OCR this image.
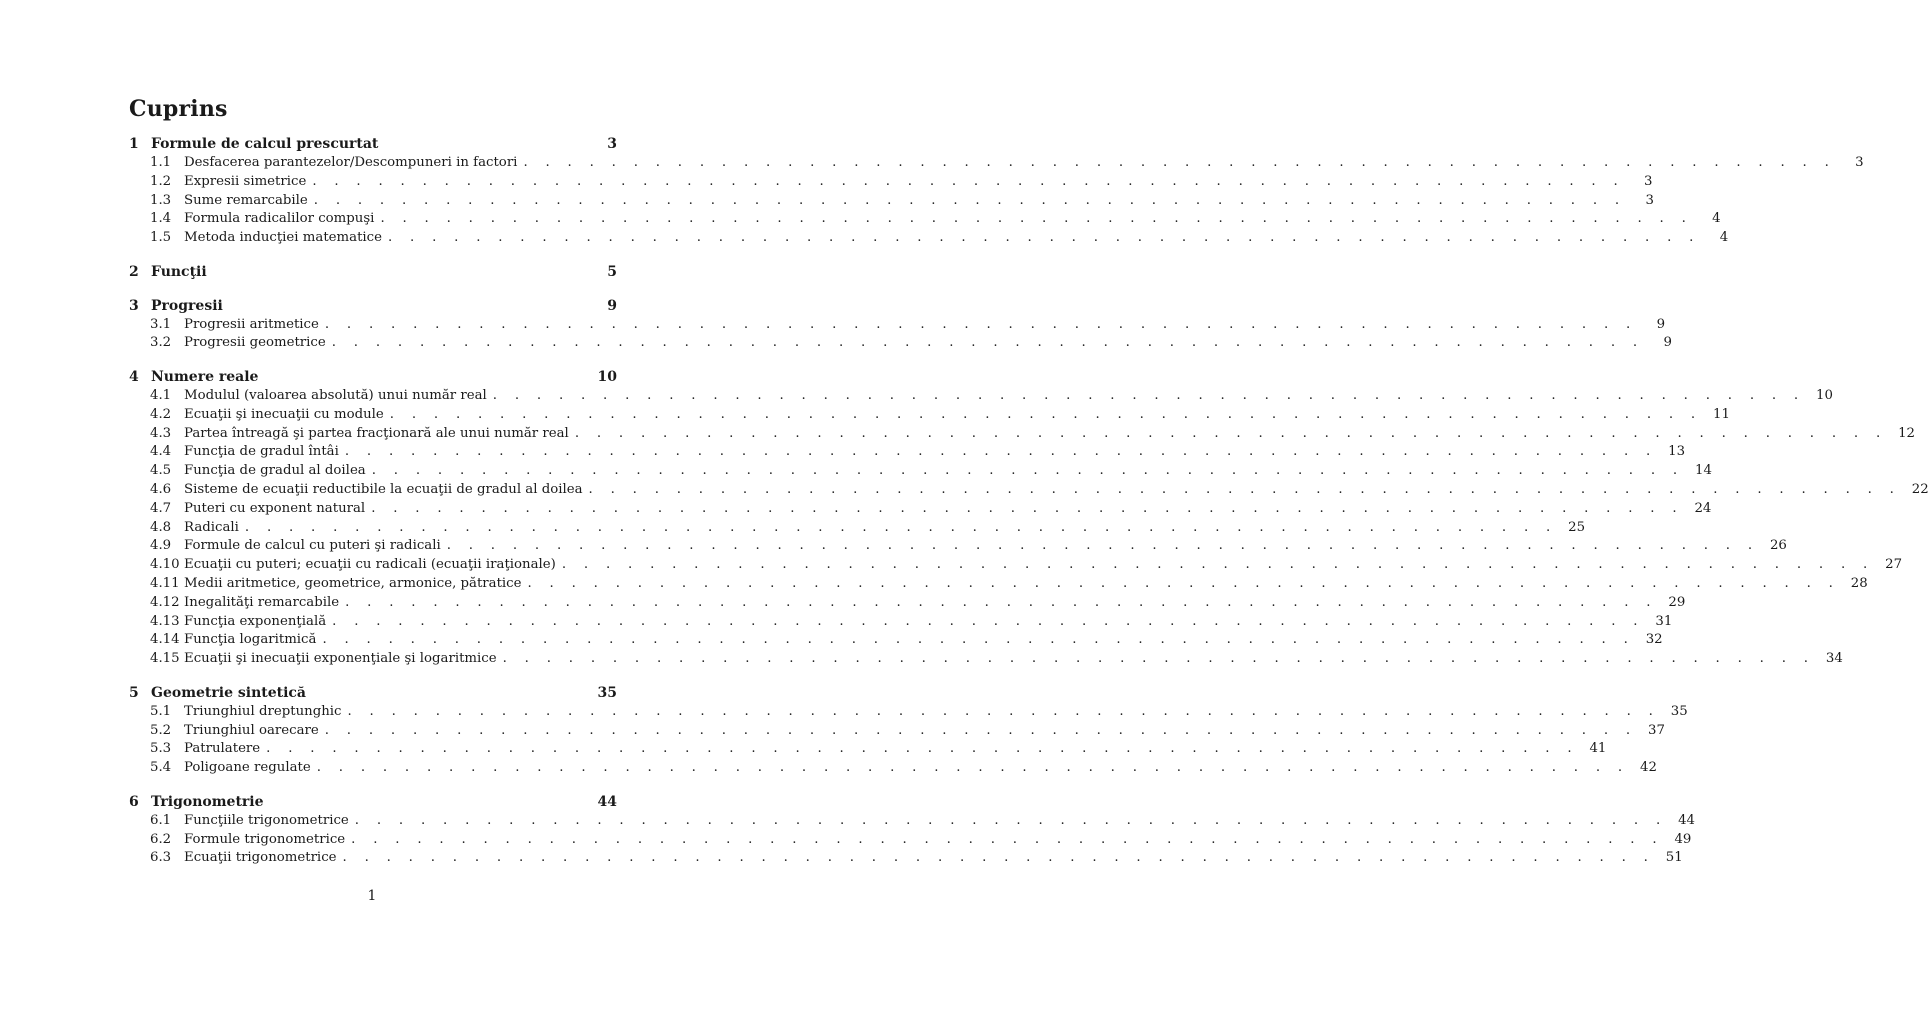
Cuprins
1 Formule de calcul prescurtat	3
1.1 Desfacerea parantezelor/Descompuneri in factori . . . . . . . . . . . . . . . . . . . . . . . . . . . . . . . . . . . . . . . . . . . . . . . . . . . . . . . . . . . .	3
1.2 Expresii simetrice . . . . . . . . . . . . . . . . . . . . . . . . . . . . . . . . . . . . . . . . . . . . . . . . . . . . . . . . . . . .	3
1.3 Sume remarcabile . . . . . . . . . . . . . . . . . . . . . . . . . . . . . . . . . . . . . . . . . . . . . . . . . . . . . . . . . . . .	3
1.4 Formula radicalilor compuşi . . . . . . . . . . . . . . . . . . . . . . . . . . . . . . . . . . . . . . . . . . . . . . . . . . . . . . . . . . . .	4
1.5 Metoda inducţiei matematice . . . . . . . . . . . . . . . . . . . . . . . . . . . . . . . . . . . . . . . . . . . . . . . . . . . . . . . . . . . .	4
2 Funcţii	5
3 Progresii	9
3.1 Progresii aritmetice . . . . . . . . . . . . . . . . . . . . . . . . . . . . . . . . . . . . . . . . . . . . . . . . . . . . . . . . . . . .	9
3.2 Progresii geometrice . . . . . . . . . . . . . . . . . . . . . . . . . . . . . . . . . . . . . . . . . . . . . . . . . . . . . . . . . . . .	9
4 Numere reale	10
4.1 Modulul (valoarea absolută) unui număr real . . . . . . . . . . . . . . . . . . . . . . . . . . . . . . . . . . . . . . . . . . . . . . . . . . . . . . . . . . . . 10
4.2 Ecuaţii şi inecuaţii cu module . . . . . . . . . . . . . . . . . . . . . . . . . . . . . . . . . . . . . . . . . . . . . . . . . . . . . . . . . . . . 11
4.3 Partea întreagă şi partea fracţionară ale unui număr real . . . . . . . . . . . . . . . . . . . . . . . . . . . . . . . . . . . . . . . . . . . . . . . . . . . . . . . . . . . . 12
4.4 Funcţia de gradul întâi . . . . . . . . . . . . . . . . . . . . . . . . . . . . . . . . . . . . . . . . . . . . . . . . . . . . . . . . . . . . 13
4.5 Funcţia de gradul al doilea . . . . . . . . . . . . . . . . . . . . . . . . . . . . . . . . . . . . . . . . . . . . . . . . . . . . . . . . . . . . 14
4.6 Sisteme de ecuaţii reductibile la ecuaţii de gradul al doilea . . . . . . . . . . . . . . . . . . . . . . . . . . . . . . . . . . . . . . . . . . . . . . . . . . . . . . . . . . . . 22
4.7 Puteri cu exponent natural . . . . . . . . . . . . . . . . . . . . . . . . . . . . . . . . . . . . . . . . . . . . . . . . . . . . . . . . . . . . 24
4.8 Radicali . . . . . . . . . . . . . . . . . . . . . . . . . . . . . . . . . . . . . . . . . . . . . . . . . . . . . . . . . . . . 25
4.9 Formule de calcul cu puteri şi radicali . . . . . . . . . . . . . . . . . . . . . . . . . . . . . . . . . . . . . . . . . . . . . . . . . . . . . . . . . . . . 26
4.10 Ecuaţii cu puteri; ecuaţii cu radicali (ecuaţii iraţionale) . . . . . . . . . . . . . . . . . . . . . . . . . . . . . . . . . . . . . . . . . . . . . . . . . . . . . . . . . . . . 27
4.11 Medii aritmetice, geometrice, armonice, pătratice . . . . . . . . . . . . . . . . . . . . . . . . . . . . . . . . . . . . . . . . . . . . . . . . . . . . . . . . . . . . 28
4.12 Inegalităţi remarcabile . . . . . . . . . . . . . . . . . . . . . . . . . . . . . . . . . . . . . . . . . . . . . . . . . . . . . . . . . . . . 29
4.13 Funcţia exponenţială . . . . . . . . . . . . . . . . . . . . . . . . . . . . . . . . . . . . . . . . . . . . . . . . . . . . . . . . . . . . 31
4.14 Funcţia logaritmică . . . . . . . . . . . . . . . . . . . . . . . . . . . . . . . . . . . . . . . . . . . . . . . . . . . . . . . . . . . . 32
4.15 Ecuaţii şi inecuaţii exponenţiale şi logaritmice . . . . . . . . . . . . . . . . . . . . . . . . . . . . . . . . . . . . . . . . . . . . . . . . . . . . . . . . . . . . 34
5 Geometrie sintetică	35
5.1 Triunghiul dreptunghic . . . . . . . . . . . . . . . . . . . . . . . . . . . . . . . . . . . . . . . . . . . . . . . . . . . . . . . . . . . . 35
5.2 Triunghiul oarecare . . . . . . . . . . . . . . . . . . . . . . . . . . . . . . . . . . . . . . . . . . . . . . . . . . . . . . . . . . . . 37
5.3 Patrulatere . . . . . . . . . . . . . . . . . . . . . . . . . . . . . . . . . . . . . . . . . . . . . . . . . . . . . . . . . . . . 41
5.4 Poligoane regulate . . . . . . . . . . . . . . . . . . . . . . . . . . . . . . . . . . . . . . . . . . . . . . . . . . . . . . . . . . . . 42
6 Trigonometrie	44
6.1 Funcţiile trigonometrice . . . . . . . . . . . . . . . . . . . . . . . . . . . . . . . . . . . . . . . . . . . . . . . . . . . . . . . . . . . . 44
6.2 Formule trigonometrice . . . . . . . . . . . . . . . . . . . . . . . . . . . . . . . . . . . . . . . . . . . . . . . . . . . . . . . . . . . . 49
6.3 Ecuaţii trigonometrice . . . . . . . . . . . . . . . . . . . . . . . . . . . . . . . . . . . . . . . . . . . . . . . . . . . . . . . . . . . . 51
1
